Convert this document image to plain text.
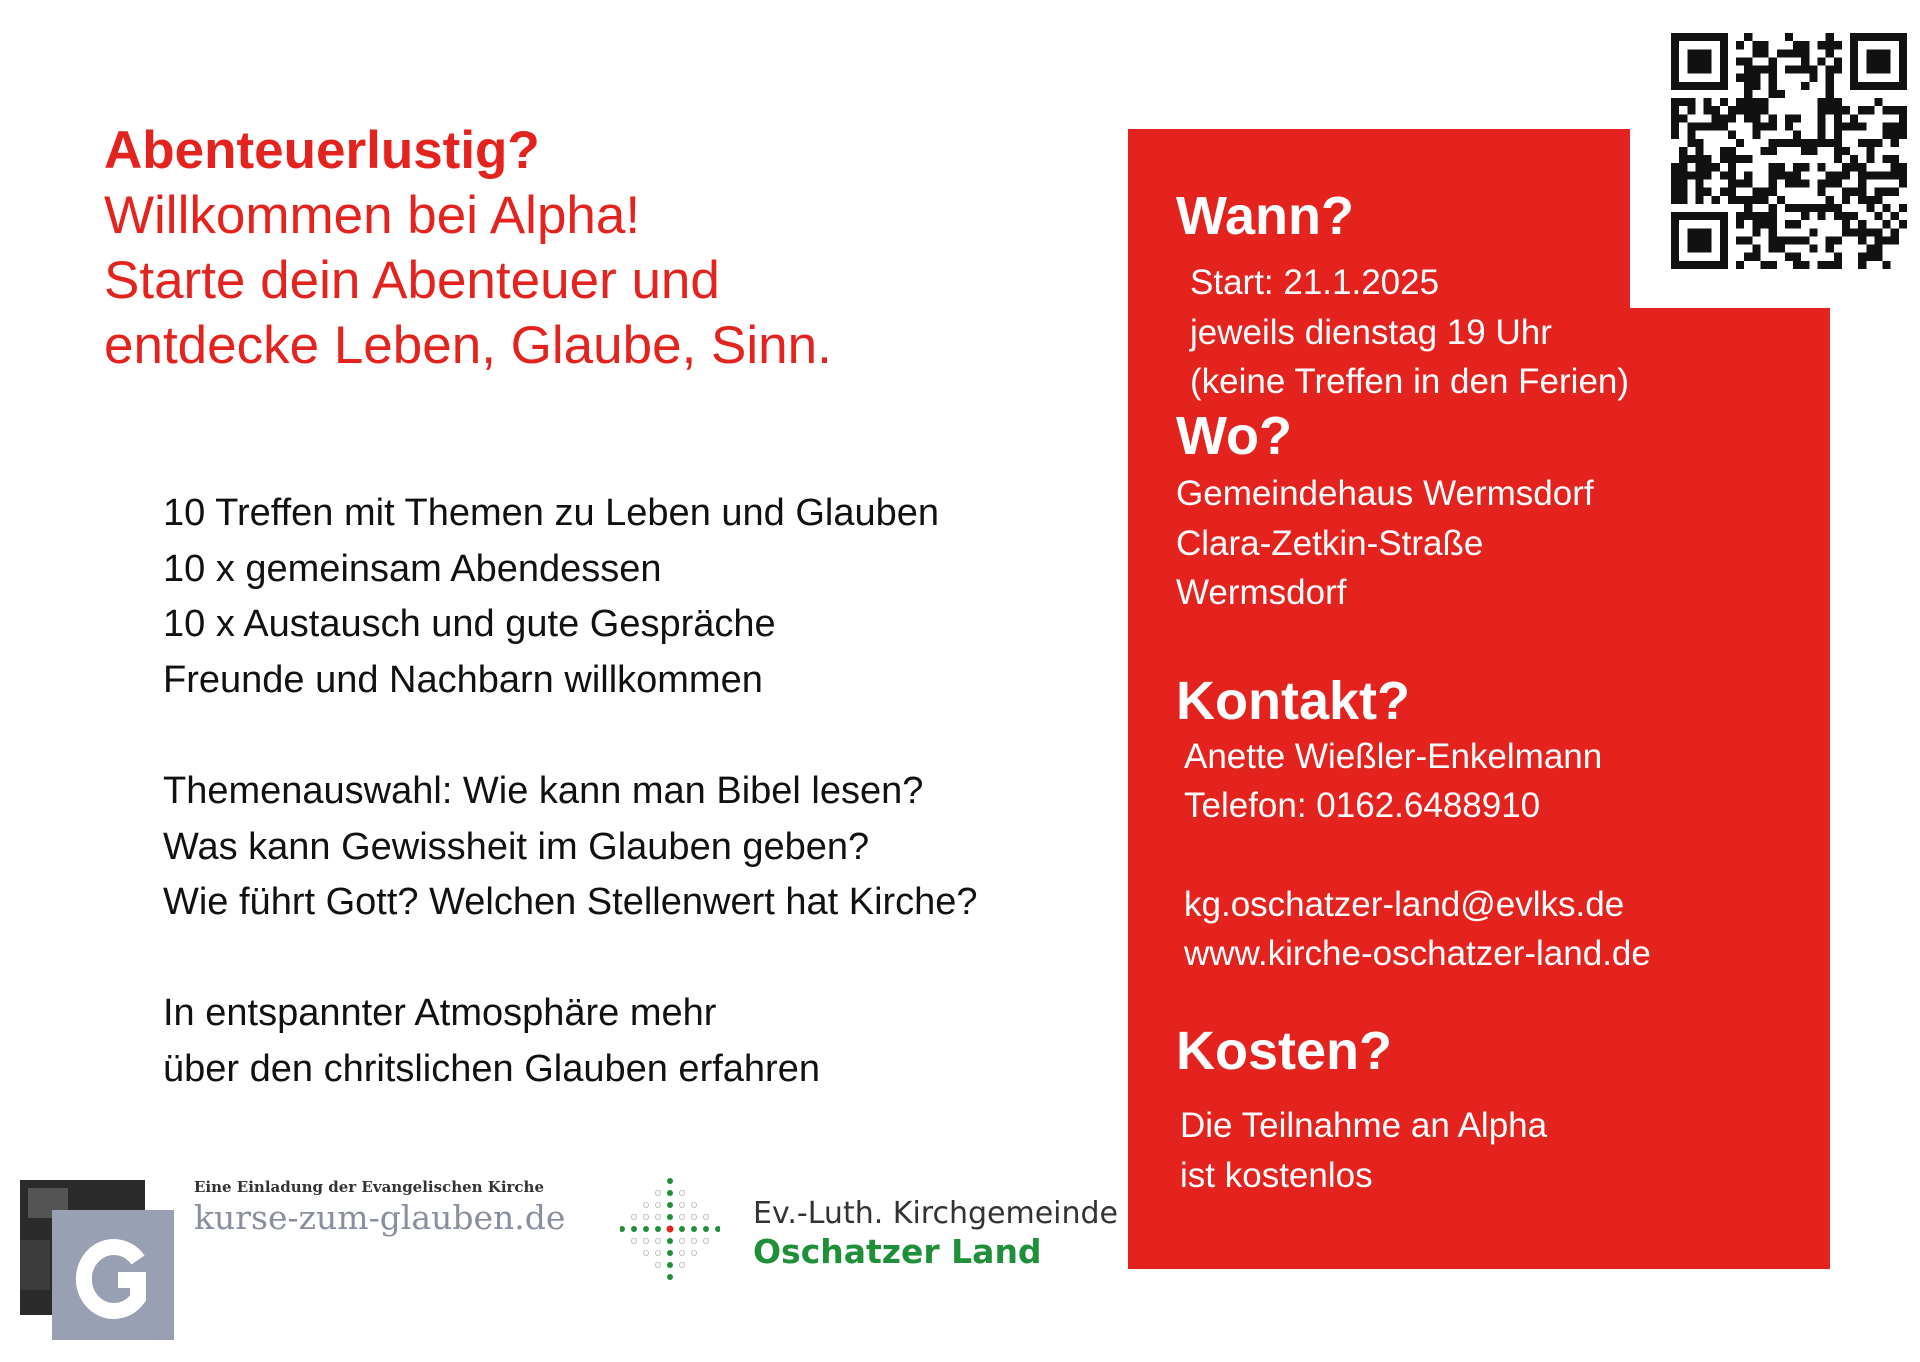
Abenteuerlustig?
Willkommen bei Alpha!
Starte dein Abenteuer und
entdecke Leben, Glaube, Sinn.
10 Treffen mit Themen zu Leben und Glauben
10 x gemeinsam Abendessen
10 x Austausch und gute Gespräche
Freunde und Nachbarn willkommen
Themenauswahl: Wie kann man Bibel lesen?
Was kann Gewissheit im Glauben geben?
Wie führt Gott? Welchen Stellenwert hat Kirche?
In entspannter Atmosphäre mehr
über den chritslichen Glauben erfahren
Wann?
Start: 21.1.2025
jeweils dienstag 19 Uhr
(keine Treffen in den Ferien)
Wo?
Gemeindehaus Wermsdorf
Clara-Zetkin-Straße
Wermsdorf
Kontakt?
Anette Wießler-Enkelmann
Telefon: 0162.6488910
kg.oschatzer-land@evlks.de
www.kirche-oschatzer-land.de
Kosten?
Die Teilnahme an Alpha
ist kostenlos
Eine Einladung der Evangelischen Kirche
kurse-zum-glauben.de	Ev.-Luth. Kirchgemeinde
Oschatzer Land
